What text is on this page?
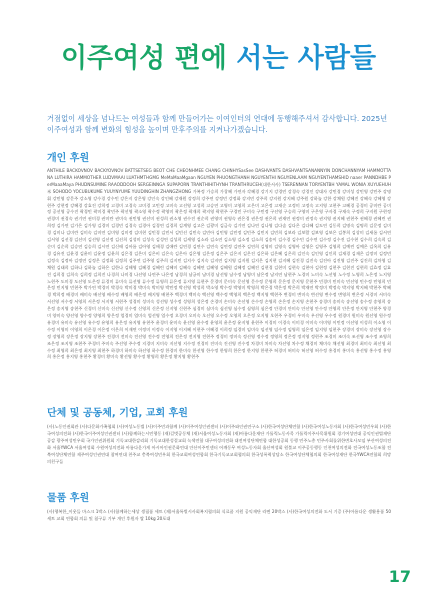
이주여성 편에 서는 사람들

거점없이 세상을 넘나드는 여성들과 함께 만들어가는 이여인터의 연대에 동행해주셔서 감사합니다. 2025년 이주여성과 함께 변화의 힘성을 높이며 만후주의를 지켜나가겠습니다.

개인 후원

ANTHILE BACKOVNOV BACKYOVNOV BATTSETSEG BEOT CHE CHEONHMEE CHANG CHINHYSasSee DASHVANTS DASHVANTSANANNYIN DONCHANNYAM HAMMOTTANA LUTHIRA HAMMOTHER LUDVMAAI LUATHMTHGMG MeMaMaaMgaan NGUYEN PHUONGTHANH NGUYENTHI NGUYENLAAM NGUYENTHAMSHID naaer PANNDHBE PerMaaaMaya PHUDNSUMINE RAAODDOOH SERGEINNGA SUPAPORN TRANTHIHITHYNH TRANTHRUCEH(대한서사) TSERENNAN TORYENTBH YAMAL WONIA XUYUEHUH 米 SOHODO YOCUBUKUME YUUYNYUME YUUDINGHIN ZHANGZHONG 가복정 가승희 가창혜 가연자 각혜경 강기지 강경민 강경숙 강경인 강대자 강민경 강미성 강민영 강민주 강명휘 강민영 강문주 강소영 강수경 강수민 강은지 강은영 강인숙 강인혜 강재원 강정희 강주연 강정민 강정화 강지민 강주희 강지원 강지혜 강주원 강하늘 강한 강채원 강혜진 강혜숙 강혜영 강현주 강현정 강혜경 강효진 강희정 고경미 고경숙 고미경 고민정 고미숙 고선영 고성희 고승연 고영미 고영희 고은미 고은정 고재순 고정미 고정숙 고지영 고현주 고혜경 공경미 공미란 공미정 공선영 공수진 곽경민 곽미경 곽민주 곽선영 곽소영 곽수정 곽영미 곽은정 곽재희 곽지영 곽현주 구경민 구미숙 구민정 구선영 구승희 구영미 구은영 구자경 구재숙 구정희 구지원 구현정 권경미 권경숙 권기연 권미경 권미란 권미숙 권민영 권선미 권성희 권소영 권수진 권순희 권영미 권영숙 권은경 권은정 권은희 권재연 권정미 권정숙 권지영 권지혜 권현주 권혜경 권혜린 권희정 김가연 김가은 김가영 김경미 김경민 김경숙 김경아 김경연 김경희 김계영 김고은 김광미 김금숙 김기연 김나연 김나영 김다솜 김다은 김다혜 김도연 김동희 김명숙 김명희 김문정 김미경 김미나 김미란 김미숙 김미연 김미영 김미정 김미현 김민경 김민서 김민선 김민숙 김민아 김민영 김민정 김민주 김민지 김민희 김보라 김보람 김보영 김보은 김봉희 김상미 김새롬 김서연 김서영 김선경 김선미 김선영 김선정 김선희 김성미 김성숙 김성연 김성희 김세영 김소라 김소연 김소영 김소정 김소희 김송이 김수경 김수민 김수연 김수정 김수진 김수현 김수희 김숙희 김순미 김순희 김승연 김승희 김시연 김신애 김아름 김아영 김애경 김애란 김연경 김연수 김연숙 김연정 김연주 김연희 김영미 김영숙 김영아 김영은 김영주 김영희 김예린 김예은 김옥희 김유경 김유진 김윤경 김윤미 김윤정 김윤희 김은경 김은미 김은비 김은숙 김은아 김은영 김은정 김은주 김은지 김은진 김은하 김은혜 김은희 김인숙 김인영 김인희 김재경 김재은 김정미 김정민 김정숙 김정아 김정연 김정은 김정화 김정희 김주연 김주영 김주희 김지민 김지수 김지숙 김지연 김지영 김지원 김지은 김지현 김지혜 김진경 김진숙 김진아 김진영 김진주 김진희 김차영 김채원 김태희 김하나 김하늘 김하은 김한나 김해영 김혜경 김혜린 김혜미 김혜숙 김혜연 김혜영 김혜원 김혜정 김혜진 김현경 김현미 김현숙 김현아 김현정 김현주 김현진 김현희 김효정 김효진 김희경 김희숙 김희정 김희진 나경희 나미경 나선영 나연주 나은정 남경희 남궁미 남미경 남선영 남수정 남영미 남은정 남지연 남현주 노경미 노미숙 노선영 노수정 노영희 노은정 노지영 노현주 도미경 도선영 도은정 류경미 류미숙 류선영 류수정 류영희 류은정 류지영 류현주 문경미 문미숙 문선영 문수정 문영희 문은정 문지영 문현주 민경미 민미숙 민선영 민수정 민영희 민은정 민지영 민현주 박가연 박경미 박경숙 박미경 박미숙 박미영 박민정 박선영 박성희 박소영 박수정 박영미 박영희 박은경 박은정 박은희 박재연 박정미 박정숙 박지영 박지혜 박현주 박혜경 박희정 배경미 배미숙 배선영 배수정 배영희 배은정 배지영 배현주 백경미 백미숙 백선영 백수정 백영희 백은정 백지영 백현주 변경미 변미숙 변선영 변수정 변영희 변은정 서경미 서미숙 서선영 서수정 서영희 서은정 서지영 서현주 성경미 성미숙 성선영 성수정 성영희 성은정 손경미 손미숙 손선영 손수정 손영희 손은정 손지영 손현주 송경미 송미숙 송선영 송수정 송영희 송은정 송지영 송현주 신경미 신미숙 신선영 신수정 신영희 신은정 신지영 신현주 심경미 심미숙 심선영 심수정 심영희 심은정 안경미 안미숙 안선영 안수정 안영희 안은정 안지영 안현주 양경미 양미숙 양선영 양수정 양영희 양은정 엄경미 엄미숙 엄선영 엄수정 오경미 오미숙 오선영 오수정 오영희 오은정 오지영 오현주 우경미 우미숙 우선영 우수정 원경미 원미숙 원선영 원수정 유경미 유미숙 유선영 유수정 유영희 유은정 유지영 유현주 윤경미 윤미숙 윤선영 윤수정 윤영희 윤은정 윤지영 윤현주 이경미 이경숙 이미경 이미숙 이미영 이민정 이선영 이성희 이소영 이수정 이영미 이영희 이은경 이은정 이은희 이재연 이정미 이정숙 이지영 이지혜 이현주 이혜경 이희정 임경미 임미숙 임선영 임수정 임영희 임은정 임지영 임현주 장경미 장미숙 장선영 장수정 장영희 장은정 장지영 장현주 전경미 전미숙 전선영 전수정 전영희 전은정 전지영 전현주 정경미 정미숙 정선영 정수정 정영희 정은정 정지영 정현주 조경미 조미숙 조선영 조수정 조영희 조은정 조지영 조현주 주경미 주미숙 주선영 주수정 지경미 지미숙 지선영 지수정 진경미 진미숙 진선영 진수정 차경미 차미숙 차선영 차수정 채경미 채미숙 채선영 최경미 최미숙 최선영 최수정 최영희 최은정 최지영 최현주 하경미 하미숙 하선영 하수정 한경미 한미숙 한선영 한수정 한영희 한은정 한지영 한현주 허경미 허미숙 허선영 허수정 홍경미 홍미숙 홍선영 홍수정 홍영희 홍은정 홍지영 홍현주 황경미 황미숙 황선영 황수정 황영희 황은정 황지영 황현주

단체 및 공동체, 기업, 교회 후원

(사)노동인권회관 (사)다문화가족협회 (사)여성노동법 (사)이주민과함께 (사)이주여성인권센터 (사)이주와인권연구소 (사)한국여성단체연합 (사)한국여성노동자회 (사)한국여성민우회 (사)한국여성의전화 (사)한국이주여성인권센터 (사)함께하는시민행동 (재)길벗공동체 (재)서울여성노동자회 (재)아름다운재단 가톨릭노동사목 가톨릭이주사목위원회 경기여성연대 공익인권법재단공감 광주여성민우회 국가인권위원회 기독교대한감리회 기독교대한성결교회 녹색연합 대구여성의전화 대전여성단체연합 대한성공회 동행 민주노총 민주사회를위한변호사모임 부산여성의전화 서울YWCA 서울여성회 수원여성의전화 아름다운가게 아시아인권문화연대 안산이주민센터 어깨동무 여성노동자회 울산여성회 원불교 이주공동행동 인천여성의전화 전국여성노동조합 전북여성단체연합 제주여성인권연대 참여연대 천주교 충북여성민우회 한국교회여성연합회 한국기독교교회협의회 한국성폭력상담소 한국여성단체협의회 한국여성재단 한국YWCA연합회 희망의친구들

물품 후원

(사)행복한_이웃들 마스크 1박스 (사)함께하는세상 생필품 세트 (재)서울특별시사회복지협의회 식료품 지원 공익재단 라면 20박스 (사)한국여성의전화 도서 기증 (주)아름다운 생활용품 50세트 교회 연합회 의류 및 침구류 기부 개인 후원자 쌀 10kg 20포대

17
